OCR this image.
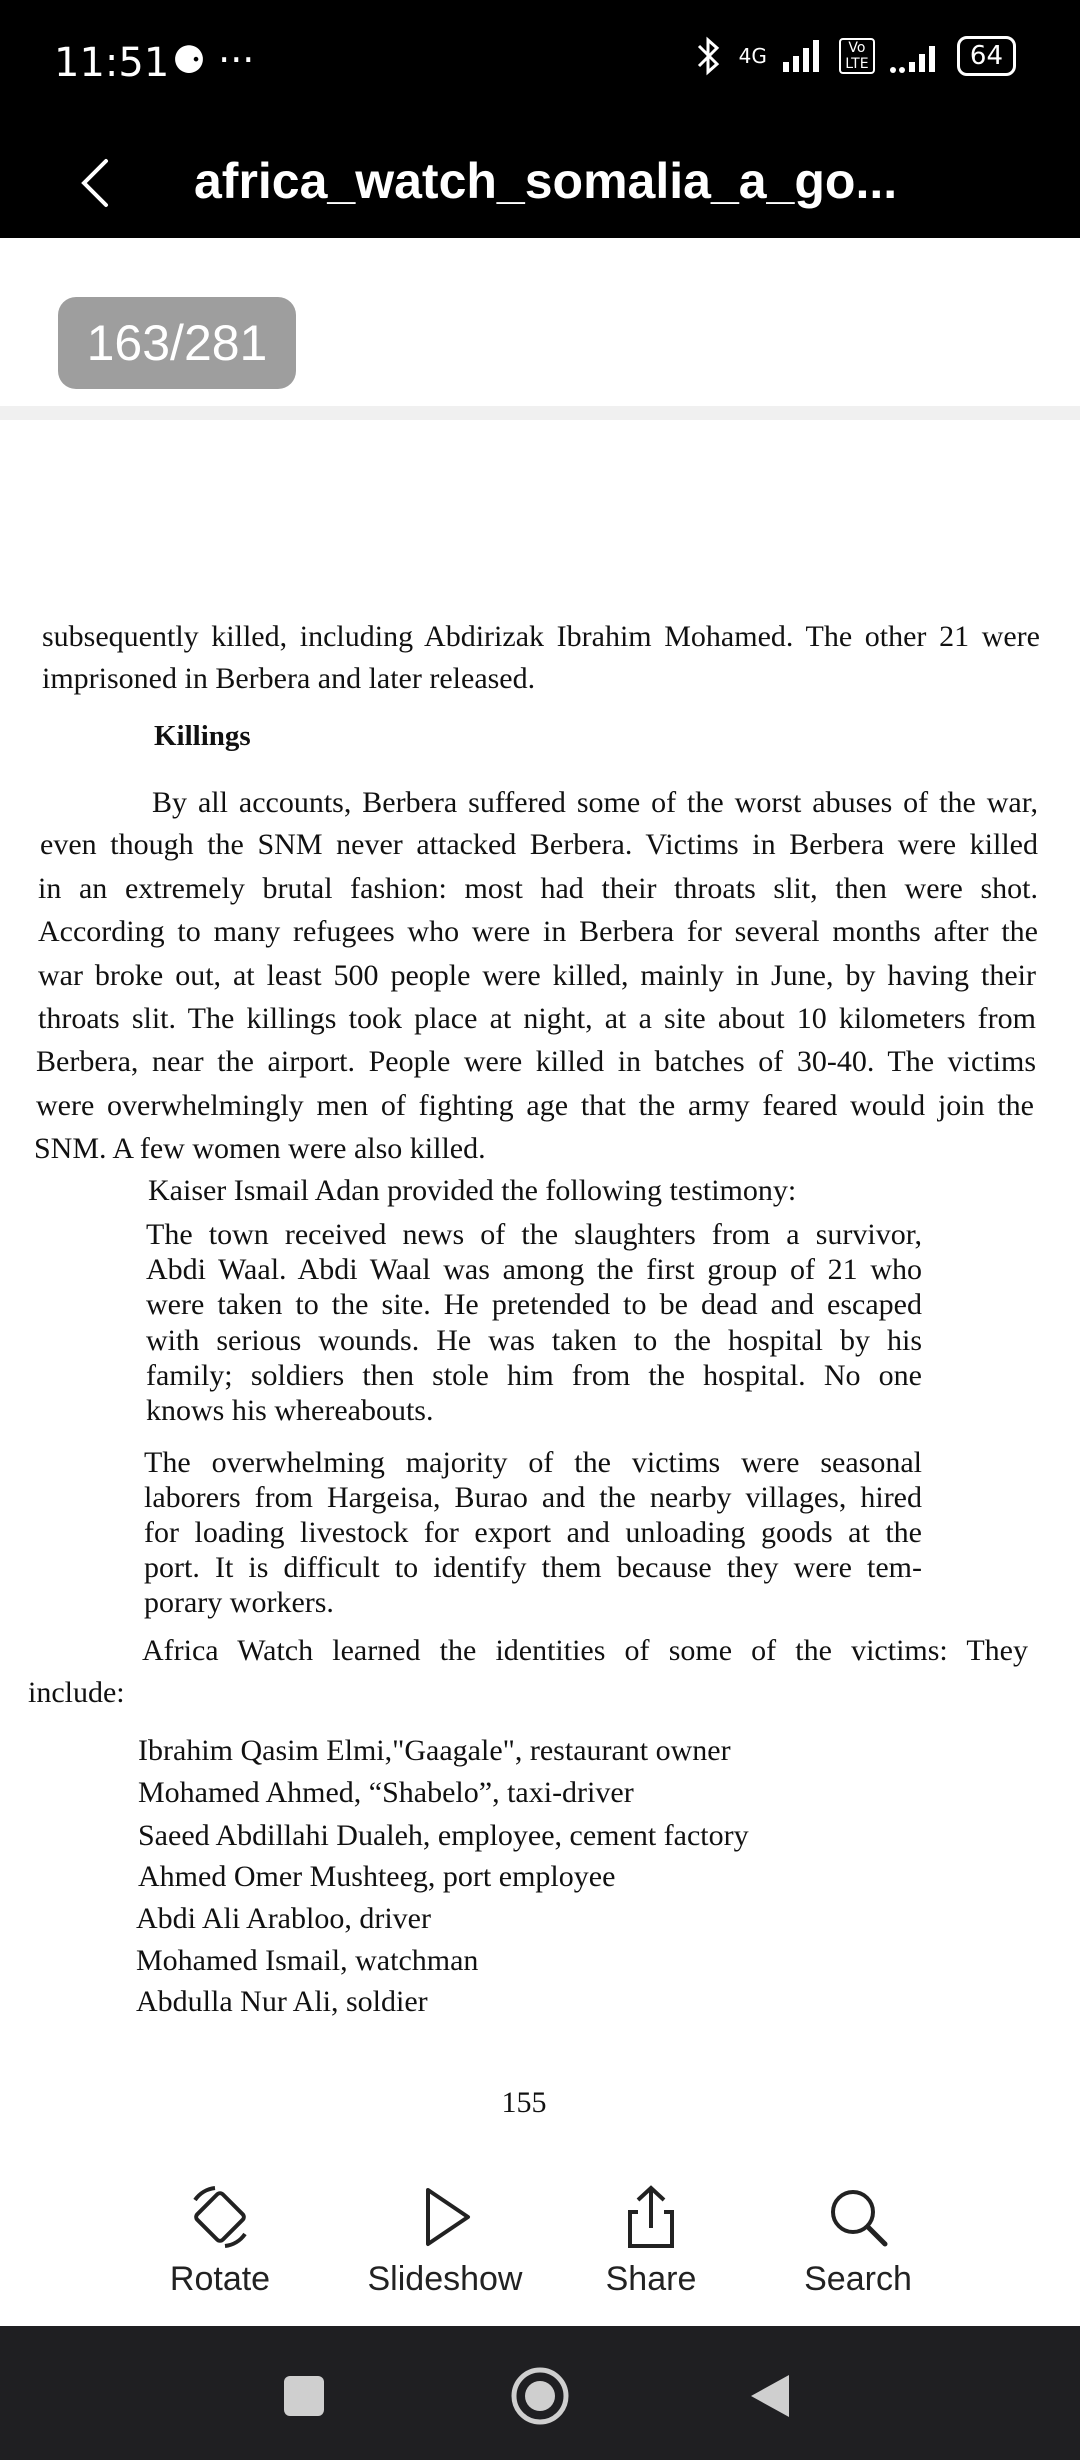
11:51 ⚈ ···	4G	Vo LTE	64
africa_watch_somalia_a_go...
163/281
subsequently killed, including Abdirizak Ibrahim Mohamed. The other 21 were
imprisoned in Berbera and later released.
Killings
By all accounts, Berbera suffered some of the worst abuses of the war,
even though the SNM never attacked Berbera. Victims in Berbera were killed
in an extremely brutal fashion: most had their throats slit, then were shot.
According to many refugees who were in Berbera for several months after the
war broke out, at least 500 people were killed, mainly in June, by having their
throats slit. The killings took place at night, at a site about 10 kilometers from
Berbera, near the airport. People were killed in batches of 30-40. The victims
were overwhelmingly men of fighting age that the army feared would join the
SNM. A few women were also killed.
Kaiser Ismail Adan provided the following testimony:
The town received news of the slaughters from a survivor,
Abdi Waal. Abdi Waal was among the first group of 21 who
were taken to the site. He pretended to be dead and escaped
with serious wounds. He was taken to the hospital by his
family; soldiers then stole him from the hospital. No one
knows his whereabouts.
The overwhelming majority of the victims were seasonal
laborers from Hargeisa, Burao and the nearby villages, hired
for loading livestock for export and unloading goods at the
port. It is difficult to identify them because they were tem-
porary workers.
Africa Watch learned the identities of some of the victims: They
include:
Ibrahim Qasim Elmi,"Gaagale", restaurant owner
Mohamed Ahmed, “Shabelo”, taxi-driver
Saeed Abdillahi Dualeh, employee, cement factory
Ahmed Omer Mushteeg, port employee
Abdi Ali Arabloo, driver
Mohamed Ismail, watchman
Abdulla Nur Ali, soldier
155
Rotate	Slideshow Share	Search
